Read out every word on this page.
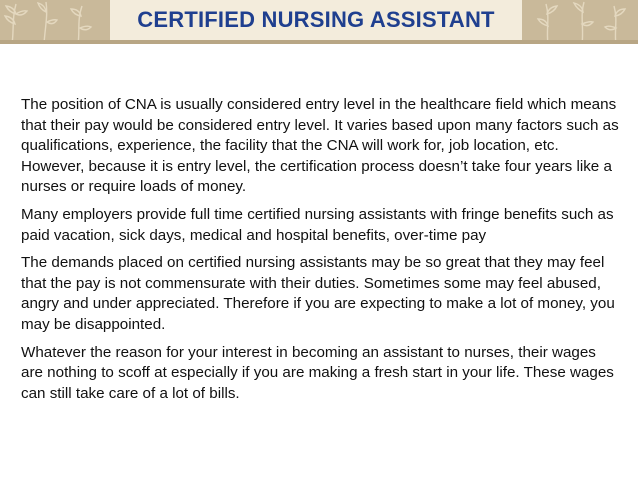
CERTIFIED NURSING ASSISTANT

The position of CNA is usually considered entry level in the healthcare field which means that their pay would be considered entry level. It varies based upon many factors such as qualifications, experience, the facility that the CNA will work for, job location, etc. However, because it is entry level, the certification process doesn’t take four years like a nurses or require loads of money.

Many employers provide full time certified nursing assistants with fringe benefits such as paid vacation, sick days, medical and hospital benefits, over-time pay

The demands placed on certified nursing assistants may be so great that they may feel that the pay is not commensurate with their duties. Sometimes some may feel abused, angry and under appreciated. Therefore if you are expecting to make a lot of money, you may be disappointed.

Whatever the reason for your interest in becoming an assistant to nurses, their wages are nothing to scoff at especially if you are making a fresh start in your life. These wages can still take care of a lot of bills.
